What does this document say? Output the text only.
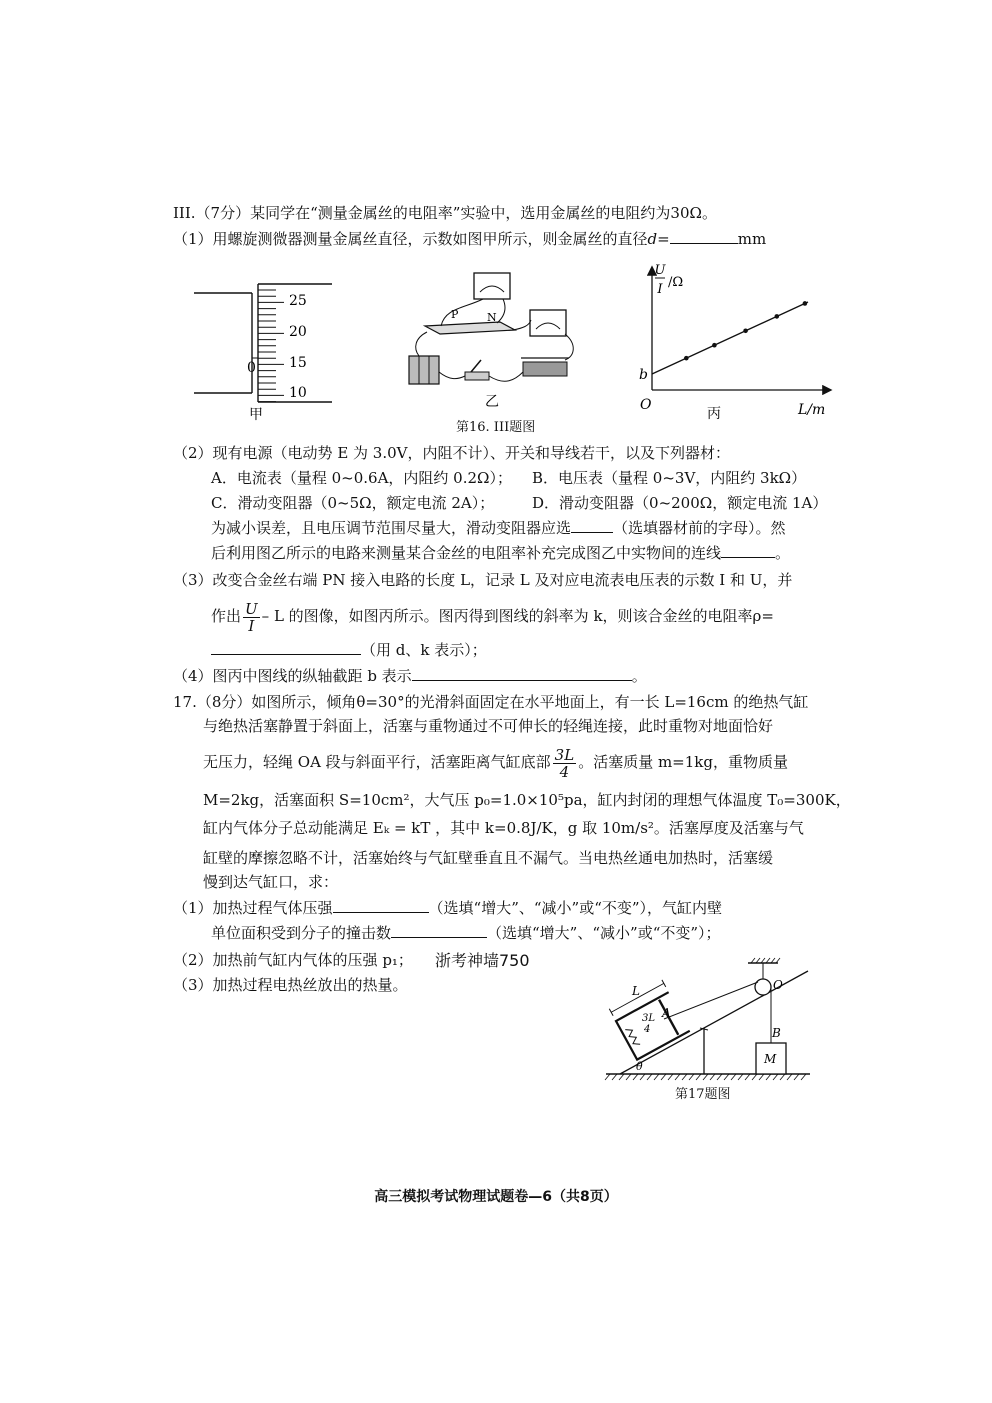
III.（7分）某同学在“测量金属丝的电阻率”实验中，选用金属丝的电阻约为30Ω。
（1）用螺旋测微器测量金属丝直径，示数如图甲所示，则金属丝的直径d=	mm
0
25
20
15
10
甲
P	N
乙
第16. III题图
U
I /Ω
b
O
丙	L/m
（2）现有电源（电动势 E 为 3.0V，内阻不计）、开关和导线若干，以及下列器材：
A．电流表（量程 0~0.6A，内阻约 0.2Ω）； B．电压表（量程 0~3V，内阻约 3kΩ）
C．滑动变阻器（0~5Ω，额定电流 2A）；	D．滑动变阻器（0~200Ω，额定电流 1A）
为减小误差，且电压调节范围尽量大，滑动变阻器应选	（选填器材前的字母）。然
后利用图乙所示的电路来测量某合金丝的电阻率补充完成图乙中实物间的连线	。
（3）改变合金丝右端 PN 接入电路的长度 L，记录 L 及对应电流表电压表的示数 I 和 U，并
作出 $\frac{U}{I}$ – L 的图像，如图丙所示。图丙得到图线的斜率为 k，则该合金丝的电阻率ρ=
（用 d、k 表示）；
（4）图丙中图线的纵轴截距 b 表示	。
17.（8分）如图所示，倾角θ=30°的光滑斜面固定在水平地面上，有一长 L=16cm 的绝热气缸
与绝热活塞静置于斜面上，活塞与重物通过不可伸长的轻绳连接，此时重物对地面恰好
无压力，轻绳 OA 段与斜面平行，活塞距离气缸底部 $\frac{3L}{4}$ 。活塞质量 m=1kg，重物质量
M=2kg，活塞面积 S=10cm²，大气压 p₀=1.0×10⁵pa，缸内封闭的理想气体温度 T₀=300K，
缸内气体分子总动能满足 Eₖ = kT ，其中 k=0.8J/K，g 取 10m/s²。活塞厚度及活塞与气
缸壁的摩擦忽略不计，活塞始终与气缸壁垂直且不漏气。当电热丝通电加热时，活塞缓
慢到达气缸口，求：
（1）加热过程气体压强	（选填“增大”、“减小”或“不变”），气缸内壁
单位面积受到分子的撞击数	（选填“增大”、“减小”或“不变”）；
（2）加热前气缸内气体的压强 p₁； 浙考神墙750
（3）加热过程电热丝放出的热量。	O
B
M
L
3L
4
A
θ
第17题图
高三模拟考试物理试题卷—6（共8页）
